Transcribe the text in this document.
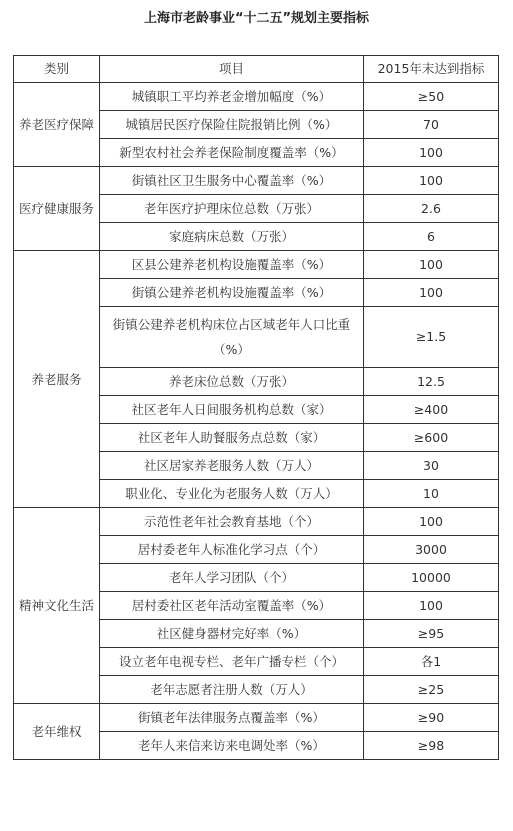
上海市老龄事业“十二五”规划主要指标
类别	项目	2015年末达到指标
养老医疗保障	城镇职工平均养老金增加幅度（%）	≥50
	城镇居民医疗保险住院报销比例（%）	70
	新型农村社会养老保险制度覆盖率（%）	100
医疗健康服务	街镇社区卫生服务中心覆盖率（%）	100
	老年医疗护理床位总数（万张）	2.6
	家庭病床总数（万张）	6
养老服务	区县公建养老机构设施覆盖率（%）	100
	街镇公建养老机构设施覆盖率（%）	100
	街镇公建养老机构床位占区域老年人口比重（%）	≥1.5
	养老床位总数（万张）	12.5
	社区老年人日间服务机构总数（家）	≥400
	社区老年人助餐服务点总数（家）	≥600
	社区居家养老服务人数（万人）	30
	职业化、专业化为老服务人数（万人）	10
精神文化生活	示范性老年社会教育基地（个）	100
	居村委老年人标准化学习点（个）	3000
	老年人学习团队（个）	10000
	居村委社区老年活动室覆盖率（%）	100
	社区健身器材完好率（%）	≥95
	设立老年电视专栏、老年广播专栏（个）	各1
	老年志愿者注册人数（万人）	≥25
老年维权	街镇老年法律服务点覆盖率（%）	≥90
	老年人来信来访来电调处率（%）	≥98
